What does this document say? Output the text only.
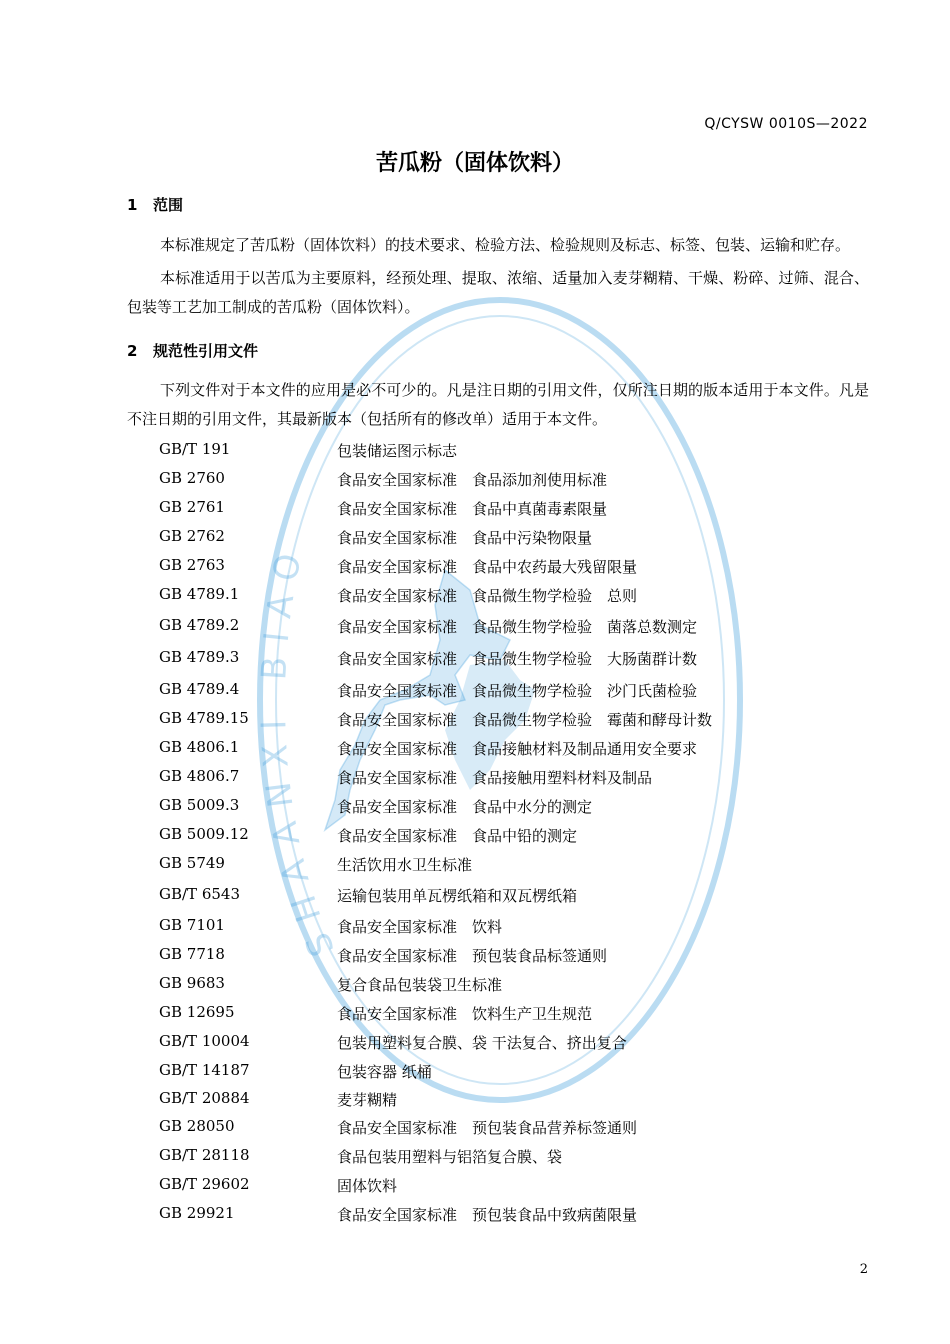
SHAANXI BIAO
Q/CYSW 0010S—2022
苦瓜粉（固体饮料）
1 范围

本标准规定了苦瓜粉（固体饮料）的技术要求、检验方法、检验规则及标志、标签、包装、运输和贮存。

本标准适用于以苦瓜为主要原料，经预处理、提取、浓缩、适量加入麦芽糊精、干燥、粉碎、过筛、混合、包装等工艺加工制成的苦瓜粉（固体饮料）。

2 规范性引用文件

下列文件对于本文件的应用是必不可少的。凡是注日期的引用文件，仅所注日期的版本适用于本文件。凡是不注日期的引用文件，其最新版本（包括所有的修改单）适用于本文件。

GB/T 191	包装储运图示标志
GB 2760	食品安全国家标准　食品添加剂使用标准
GB 2761	食品安全国家标准　食品中真菌毒素限量
GB 2762	食品安全国家标准　食品中污染物限量
GB 2763	食品安全国家标准　食品中农药最大残留限量
GB 4789.1	食品安全国家标准　食品微生物学检验　总则
GB 4789.2	食品安全国家标准　食品微生物学检验　菌落总数测定
GB 4789.3	食品安全国家标准　食品微生物学检验　大肠菌群计数
GB 4789.4	食品安全国家标准　食品微生物学检验　沙门氏菌检验
GB 4789.15	食品安全国家标准　食品微生物学检验　霉菌和酵母计数
GB 4806.1	食品安全国家标准　食品接触材料及制品通用安全要求
GB 4806.7	食品安全国家标准　食品接触用塑料材料及制品
GB 5009.3	食品安全国家标准　食品中水分的测定
GB 5009.12	食品安全国家标准　食品中铅的测定
GB 5749	生活饮用水卫生标准
GB/T 6543	运输包装用单瓦楞纸箱和双瓦楞纸箱
GB 7101	食品安全国家标准　饮料
GB 7718	食品安全国家标准　预包装食品标签通则
GB 9683	复合食品包装袋卫生标准
GB 12695	食品安全国家标准　饮料生产卫生规范
GB/T 10004	包装用塑料复合膜、袋 干法复合、挤出复合
GB/T 14187	包装容器 纸桶
GB/T 20884	麦芽糊精
GB 28050	食品安全国家标准　预包装食品营养标签通则
GB/T 28118	食品包装用塑料与铝箔复合膜、袋
GB/T 29602	固体饮料
GB 29921	食品安全国家标准　预包装食品中致病菌限量
2
